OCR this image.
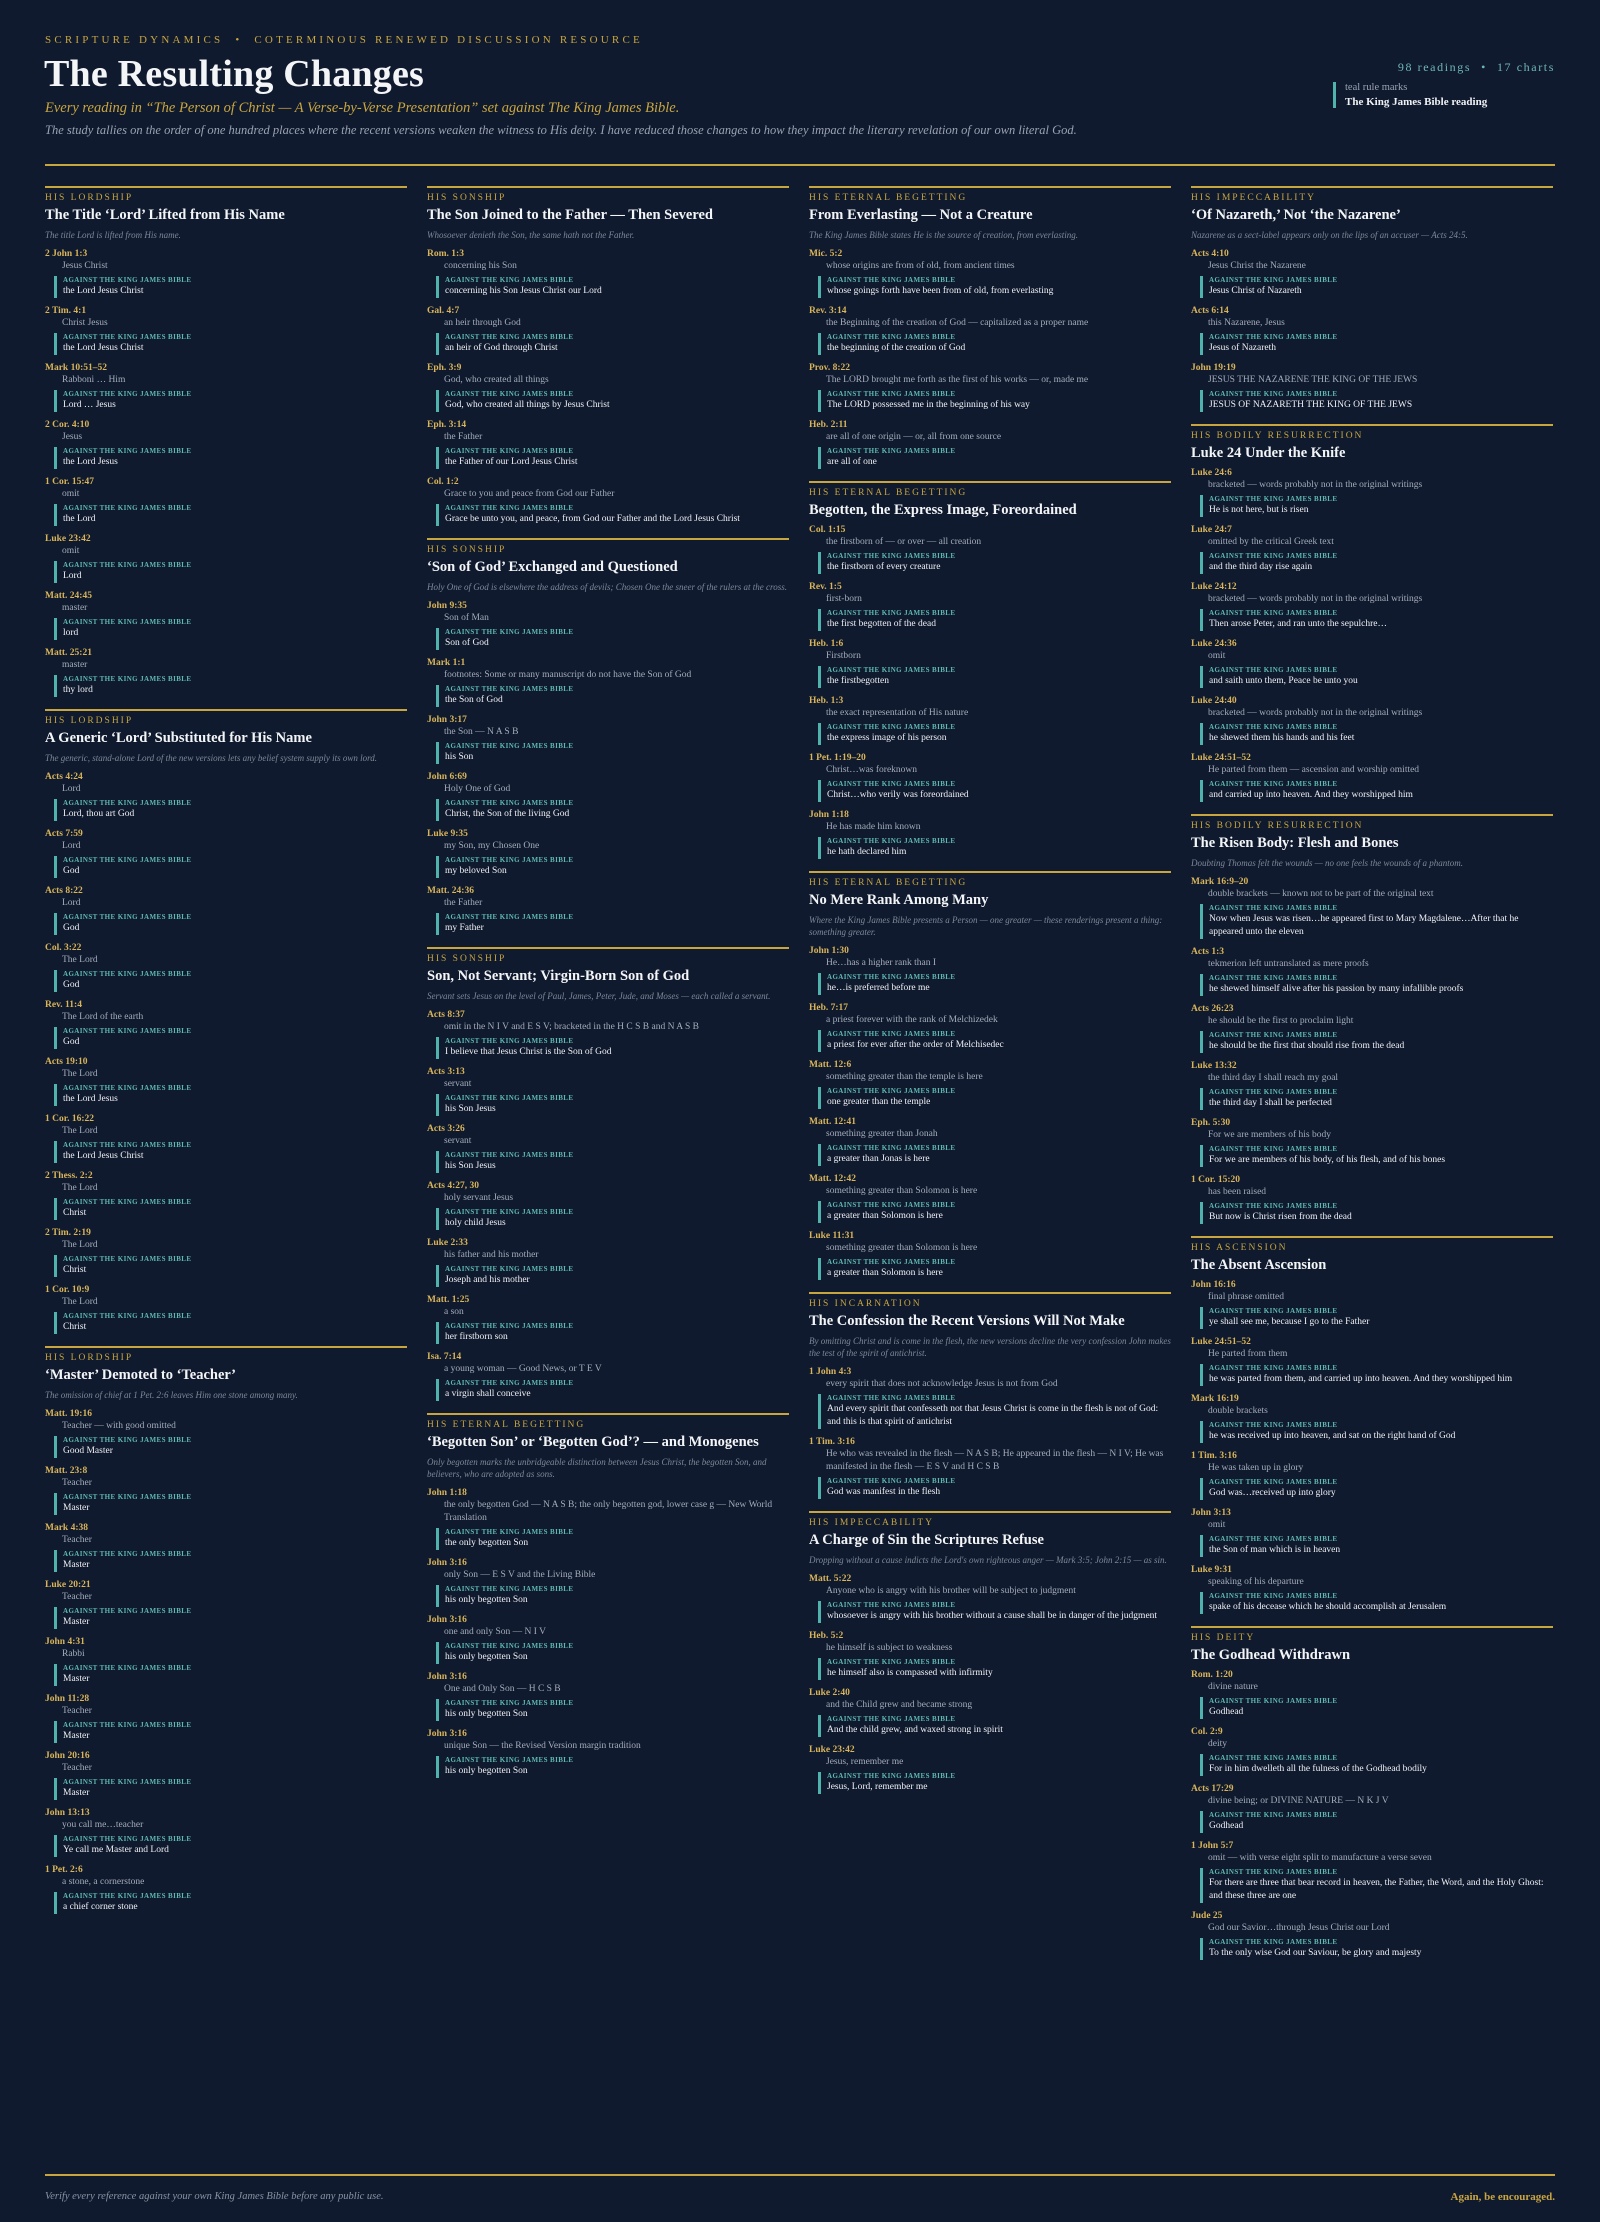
SCRIPTURE DYNAMICS • COTERMINOUS RENEWED DISCUSSION RESOURCE
The Resulting Changes

Every reading in “The Person of Christ — A Verse-by-Verse Presentation” set against The King James Bible.

The study tallies on the order of one hundred places where the recent versions weaken the witness to His deity. I have reduced those changes to how they impact the literary revelation of our own literal God.

98 readings • 17 charts
teal rule marks
The King James Bible reading
HIS LORDSHIP
The Title ‘Lord’ Lifted from His Name
The title Lord is lifted from His name.
2 John 1:3
Jesus Christ
AGAINST THE KING JAMES BIBLE
the Lord Jesus Christ
2 Tim. 4:1
Christ Jesus
AGAINST THE KING JAMES BIBLE
the Lord Jesus Christ
Mark 10:51–52
Rabboni … Him
AGAINST THE KING JAMES BIBLE
Lord … Jesus
2 Cor. 4:10
Jesus
AGAINST THE KING JAMES BIBLE
the Lord Jesus
1 Cor. 15:47
omit
AGAINST THE KING JAMES BIBLE
the Lord
Luke 23:42
omit
AGAINST THE KING JAMES BIBLE
Lord
Matt. 24:45
master
AGAINST THE KING JAMES BIBLE
lord
Matt. 25:21
master
AGAINST THE KING JAMES BIBLE
thy lord
HIS LORDSHIP
A Generic ‘Lord’ Substituted for His Name
The generic, stand-alone Lord of the new versions lets any belief system supply its own lord.
Acts 4:24
Lord
AGAINST THE KING JAMES BIBLE
Lord, thou art God
Acts 7:59
Lord
AGAINST THE KING JAMES BIBLE
God
Acts 8:22
Lord
AGAINST THE KING JAMES BIBLE
God
Col. 3:22
The Lord
AGAINST THE KING JAMES BIBLE
God
Rev. 11:4
The Lord of the earth
AGAINST THE KING JAMES BIBLE
God
Acts 19:10
The Lord
AGAINST THE KING JAMES BIBLE
the Lord Jesus
1 Cor. 16:22
The Lord
AGAINST THE KING JAMES BIBLE
the Lord Jesus Christ
2 Thess. 2:2
The Lord
AGAINST THE KING JAMES BIBLE
Christ
2 Tim. 2:19
The Lord
AGAINST THE KING JAMES BIBLE
Christ
1 Cor. 10:9
The Lord
AGAINST THE KING JAMES BIBLE
Christ
HIS LORDSHIP
‘Master’ Demoted to ‘Teacher’
The omission of chief at 1 Pet. 2:6 leaves Him one stone among many.
Matt. 19:16
Teacher — with good omitted
AGAINST THE KING JAMES BIBLE
Good Master
Matt. 23:8
Teacher
AGAINST THE KING JAMES BIBLE
Master
Mark 4:38
Teacher
AGAINST THE KING JAMES BIBLE
Master
Luke 20:21
Teacher
AGAINST THE KING JAMES BIBLE
Master
John 4:31
Rabbi
AGAINST THE KING JAMES BIBLE
Master
John 11:28
Teacher
AGAINST THE KING JAMES BIBLE
Master
John 20:16
Teacher
AGAINST THE KING JAMES BIBLE
Master
John 13:13
you call me…teacher
AGAINST THE KING JAMES BIBLE
Ye call me Master and Lord
1 Pet. 2:6
a stone, a cornerstone
AGAINST THE KING JAMES BIBLE
a chief corner stone
HIS SONSHIP
The Son Joined to the Father — Then Severed
Whosoever denieth the Son, the same hath not the Father.
Rom. 1:3
concerning his Son
AGAINST THE KING JAMES BIBLE
concerning his Son Jesus Christ our Lord
Gal. 4:7
an heir through God
AGAINST THE KING JAMES BIBLE
an heir of God through Christ
Eph. 3:9
God, who created all things
AGAINST THE KING JAMES BIBLE
God, who created all things by Jesus Christ
Eph. 3:14
the Father
AGAINST THE KING JAMES BIBLE
the Father of our Lord Jesus Christ
Col. 1:2
Grace to you and peace from God our Father
AGAINST THE KING JAMES BIBLE
Grace be unto you, and peace, from God our Father and the Lord Jesus Christ
HIS SONSHIP
‘Son of God’ Exchanged and Questioned
Holy One of God is elsewhere the address of devils; Chosen One the sneer of the rulers at the cross.
John 9:35
Son of Man
AGAINST THE KING JAMES BIBLE
Son of God
Mark 1:1
footnotes: Some or many manuscript do not have the Son of God
AGAINST THE KING JAMES BIBLE
the Son of God
John 3:17
the Son — N A S B
AGAINST THE KING JAMES BIBLE
his Son
John 6:69
Holy One of God
AGAINST THE KING JAMES BIBLE
Christ, the Son of the living God
Luke 9:35
my Son, my Chosen One
AGAINST THE KING JAMES BIBLE
my beloved Son
Matt. 24:36
the Father
AGAINST THE KING JAMES BIBLE
my Father
HIS SONSHIP
Son, Not Servant; Virgin-Born Son of God
Servant sets Jesus on the level of Paul, James, Peter, Jude, and Moses — each called a servant.
Acts 8:37
omit in the N I V and E S V; bracketed in the H C S B and N A S B
AGAINST THE KING JAMES BIBLE
I believe that Jesus Christ is the Son of God
Acts 3:13
servant
AGAINST THE KING JAMES BIBLE
his Son Jesus
Acts 3:26
servant
AGAINST THE KING JAMES BIBLE
his Son Jesus
Acts 4:27, 30
holy servant Jesus
AGAINST THE KING JAMES BIBLE
holy child Jesus
Luke 2:33
his father and his mother
AGAINST THE KING JAMES BIBLE
Joseph and his mother
Matt. 1:25
a son
AGAINST THE KING JAMES BIBLE
her firstborn son
Isa. 7:14
a young woman — Good News, or T E V
AGAINST THE KING JAMES BIBLE
a virgin shall conceive
HIS ETERNAL BEGETTING
‘Begotten Son’ or ‘Begotten God’? — and Monogenes
Only begotten marks the unbridgeable distinction between Jesus Christ, the begotten Son, and believers, who are adopted as sons.
John 1:18
the only begotten God — N A S B; the only begotten god, lower case g — New World Translation
AGAINST THE KING JAMES BIBLE
the only begotten Son
John 3:16
only Son — E S V and the Living Bible
AGAINST THE KING JAMES BIBLE
his only begotten Son
John 3:16
one and only Son — N I V
AGAINST THE KING JAMES BIBLE
his only begotten Son
John 3:16
One and Only Son — H C S B
AGAINST THE KING JAMES BIBLE
his only begotten Son
John 3:16
unique Son — the Revised Version margin tradition
AGAINST THE KING JAMES BIBLE
his only begotten Son
HIS ETERNAL BEGETTING
From Everlasting — Not a Creature
The King James Bible states He is the source of creation, from everlasting.
Mic. 5:2
whose origins are from of old, from ancient times
AGAINST THE KING JAMES BIBLE
whose goings forth have been from of old, from everlasting
Rev. 3:14
the Beginning of the creation of God — capitalized as a proper name
AGAINST THE KING JAMES BIBLE
the beginning of the creation of God
Prov. 8:22
The LORD brought me forth as the first of his works — or, made me
AGAINST THE KING JAMES BIBLE
The LORD possessed me in the beginning of his way
Heb. 2:11
are all of one origin — or, all from one source
AGAINST THE KING JAMES BIBLE
are all of one
HIS ETERNAL BEGETTING
Begotten, the Express Image, Foreordained
Col. 1:15
the firstborn of — or over — all creation
AGAINST THE KING JAMES BIBLE
the firstborn of every creature
Rev. 1:5
first-born
AGAINST THE KING JAMES BIBLE
the first begotten of the dead
Heb. 1:6
Firstborn
AGAINST THE KING JAMES BIBLE
the firstbegotten
Heb. 1:3
the exact representation of His nature
AGAINST THE KING JAMES BIBLE
the express image of his person
1 Pet. 1:19–20
Christ…was foreknown
AGAINST THE KING JAMES BIBLE
Christ…who verily was foreordained
John 1:18
He has made him known
AGAINST THE KING JAMES BIBLE
he hath declared him
HIS ETERNAL BEGETTING
No Mere Rank Among Many
Where the King James Bible presents a Person — one greater — these renderings present a thing: something greater.
John 1:30
He…has a higher rank than I
AGAINST THE KING JAMES BIBLE
he…is preferred before me
Heb. 7:17
a priest forever with the rank of Melchizedek
AGAINST THE KING JAMES BIBLE
a priest for ever after the order of Melchisedec
Matt. 12:6
something greater than the temple is here
AGAINST THE KING JAMES BIBLE
one greater than the temple
Matt. 12:41
something greater than Jonah
AGAINST THE KING JAMES BIBLE
a greater than Jonas is here
Matt. 12:42
something greater than Solomon is here
AGAINST THE KING JAMES BIBLE
a greater than Solomon is here
Luke 11:31
something greater than Solomon is here
AGAINST THE KING JAMES BIBLE
a greater than Solomon is here
HIS INCARNATION
The Confession the Recent Versions Will Not Make
By omitting Christ and is come in the flesh, the new versions decline the very confession John makes the test of the spirit of antichrist.
1 John 4:3
every spirit that does not acknowledge Jesus is not from God
AGAINST THE KING JAMES BIBLE
And every spirit that confesseth not that Jesus Christ is come in the flesh is not of God: and this is that spirit of antichrist
1 Tim. 3:16
He who was revealed in the flesh — N A S B; He appeared in the flesh — N I V; He was manifested in the flesh — E S V and H C S B
AGAINST THE KING JAMES BIBLE
God was manifest in the flesh
HIS IMPECCABILITY
A Charge of Sin the Scriptures Refuse
Dropping without a cause indicts the Lord's own righteous anger — Mark 3:5; John 2:15 — as sin.
Matt. 5:22
Anyone who is angry with his brother will be subject to judgment
AGAINST THE KING JAMES BIBLE
whosoever is angry with his brother without a cause shall be in danger of the judgment
Heb. 5:2
he himself is subject to weakness
AGAINST THE KING JAMES BIBLE
he himself also is compassed with infirmity
Luke 2:40
and the Child grew and became strong
AGAINST THE KING JAMES BIBLE
And the child grew, and waxed strong in spirit
Luke 23:42
Jesus, remember me
AGAINST THE KING JAMES BIBLE
Jesus, Lord, remember me
HIS IMPECCABILITY
‘Of Nazareth,’ Not ‘the Nazarene’
Nazarene as a sect-label appears only on the lips of an accuser — Acts 24:5.
Acts 4:10
Jesus Christ the Nazarene
AGAINST THE KING JAMES BIBLE
Jesus Christ of Nazareth
Acts 6:14
this Nazarene, Jesus
AGAINST THE KING JAMES BIBLE
Jesus of Nazareth
John 19:19
JESUS THE NAZARENE THE KING OF THE JEWS
AGAINST THE KING JAMES BIBLE
JESUS OF NAZARETH THE KING OF THE JEWS
HIS BODILY RESURRECTION
Luke 24 Under the Knife
Luke 24:6
bracketed — words probably not in the original writings
AGAINST THE KING JAMES BIBLE
He is not here, but is risen
Luke 24:7
omitted by the critical Greek text
AGAINST THE KING JAMES BIBLE
and the third day rise again
Luke 24:12
bracketed — words probably not in the original writings
AGAINST THE KING JAMES BIBLE
Then arose Peter, and ran unto the sepulchre…
Luke 24:36
omit
AGAINST THE KING JAMES BIBLE
and saith unto them, Peace be unto you
Luke 24:40
bracketed — words probably not in the original writings
AGAINST THE KING JAMES BIBLE
he shewed them his hands and his feet
Luke 24:51–52
He parted from them — ascension and worship omitted
AGAINST THE KING JAMES BIBLE
and carried up into heaven. And they worshipped him
HIS BODILY RESURRECTION
The Risen Body: Flesh and Bones
Doubting Thomas felt the wounds — no one feels the wounds of a phantom.
Mark 16:9–20
double brackets — known not to be part of the original text
AGAINST THE KING JAMES BIBLE
Now when Jesus was risen…he appeared first to Mary Magdalene…After that he appeared unto the eleven
Acts 1:3
tekmerion left untranslated as mere proofs
AGAINST THE KING JAMES BIBLE
he shewed himself alive after his passion by many infallible proofs
Acts 26:23
he should be the first to proclaim light
AGAINST THE KING JAMES BIBLE
he should be the first that should rise from the dead
Luke 13:32
the third day I shall reach my goal
AGAINST THE KING JAMES BIBLE
the third day I shall be perfected
Eph. 5:30
For we are members of his body
AGAINST THE KING JAMES BIBLE
For we are members of his body, of his flesh, and of his bones
1 Cor. 15:20
has been raised
AGAINST THE KING JAMES BIBLE
But now is Christ risen from the dead
HIS ASCENSION
The Absent Ascension
John 16:16
final phrase omitted
AGAINST THE KING JAMES BIBLE
ye shall see me, because I go to the Father
Luke 24:51–52
He parted from them
AGAINST THE KING JAMES BIBLE
he was parted from them, and carried up into heaven. And they worshipped him
Mark 16:19
double brackets
AGAINST THE KING JAMES BIBLE
he was received up into heaven, and sat on the right hand of God
1 Tim. 3:16
He was taken up in glory
AGAINST THE KING JAMES BIBLE
God was…received up into glory
John 3:13
omit
AGAINST THE KING JAMES BIBLE
the Son of man which is in heaven
Luke 9:31
speaking of his departure
AGAINST THE KING JAMES BIBLE
spake of his decease which he should accomplish at Jerusalem
HIS DEITY
The Godhead Withdrawn
Rom. 1:20
divine nature
AGAINST THE KING JAMES BIBLE
Godhead
Col. 2:9
deity
AGAINST THE KING JAMES BIBLE
For in him dwelleth all the fulness of the Godhead bodily
Acts 17:29
divine being; or DIVINE NATURE — N K J V
AGAINST THE KING JAMES BIBLE
Godhead
1 John 5:7
omit — with verse eight split to manufacture a verse seven
AGAINST THE KING JAMES BIBLE
For there are three that bear record in heaven, the Father, the Word, and the Holy Ghost: and these three are one
Jude 25
God our Savior…through Jesus Christ our Lord
AGAINST THE KING JAMES BIBLE
To the only wise God our Saviour, be glory and majesty
Verify every reference against your own King James Bible before any public use.	Again, be encouraged.
